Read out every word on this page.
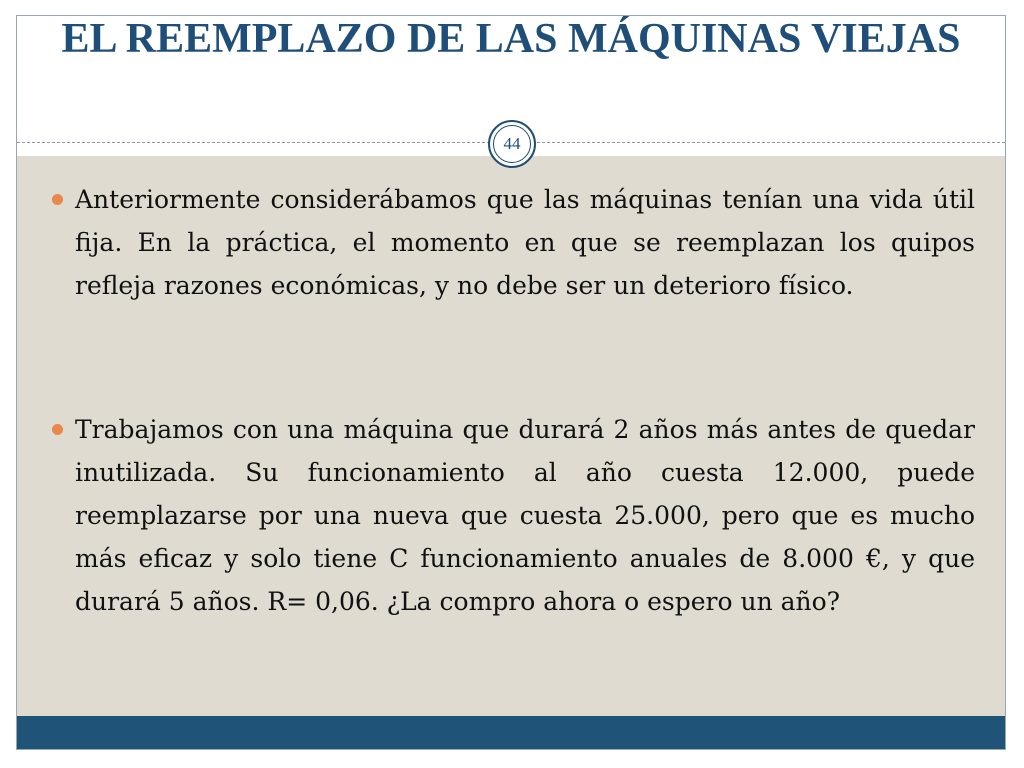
EL REEMPLAZO DE LAS MÁQUINAS VIEJAS
Anteriormente considerábamos que las máquinas tenían una vida útil fija. En la práctica, el momento en que se reemplazan los quipos refleja razones económicas, y no debe ser un deterioro físico.
Trabajamos con una máquina que durará 2 años más antes de quedar inutilizada. Su funcionamiento al año cuesta 12.000, puede reemplazarse por una nueva que cuesta 25.000, pero que es mucho más eficaz y solo tiene C funcionamiento anuales de 8.000 €, y que durará 5 años. R= 0,06. ¿La compro ahora o espero un año?
44
